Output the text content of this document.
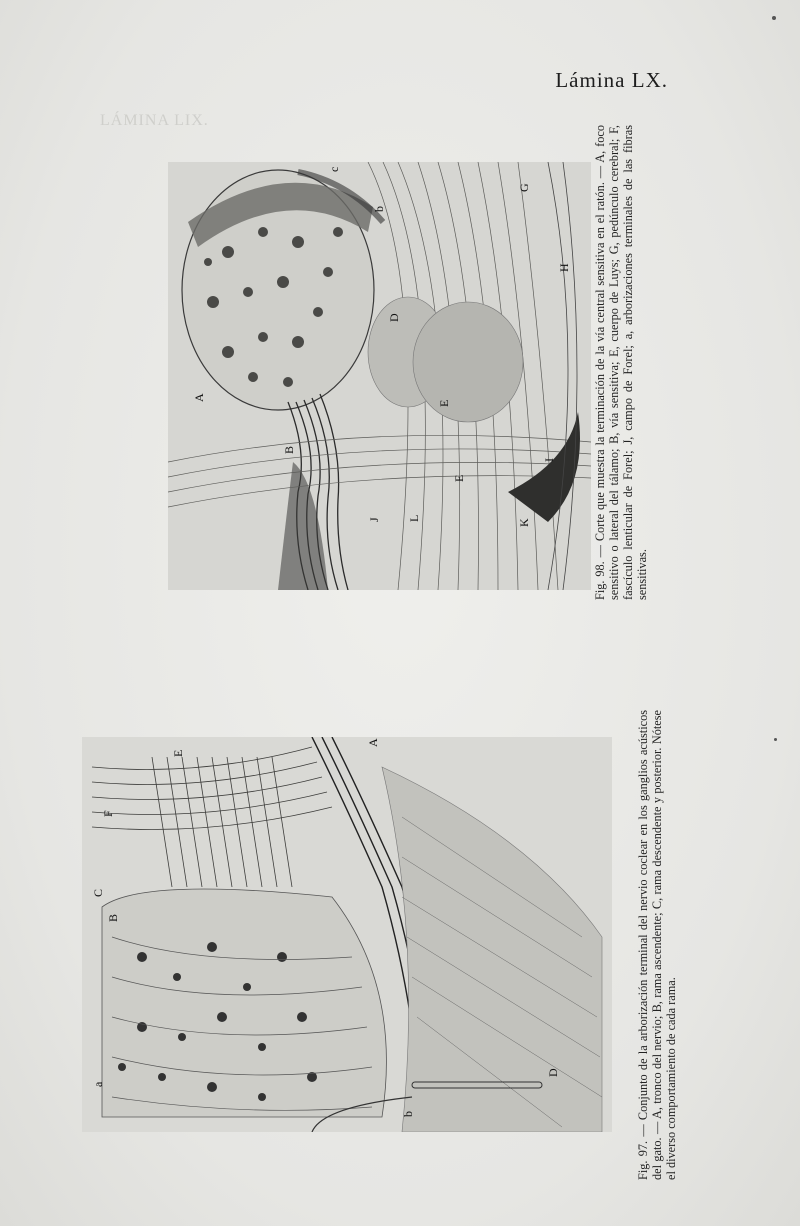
Lámina LX.
LÁMINA LIX.
A
B
D
E
E
G
H
I
J	K
L
b
c
A
B
C
D
E
F
a
b
Fig. 98. — Corte que muestra la terminación de la vía central sensitiva en el ratón. — A, foco sensitivo o lateral del tálamo; B, vía sensitiva; E, cuerpo de Luys; G, pedúnculo cerebral; F, fascículo lenticular de Forel; J, campo de Forel; a, arborizaciones terminales de las fibras sensitivas.
Fig. 97. — Conjunto de la arborización terminal del nervio coclear en los ganglios acústicos del gato. — A, tronco del nervio; B, rama ascendente; C, rama descendente y posterior. Nótese el diverso comportamiento de cada rama.
